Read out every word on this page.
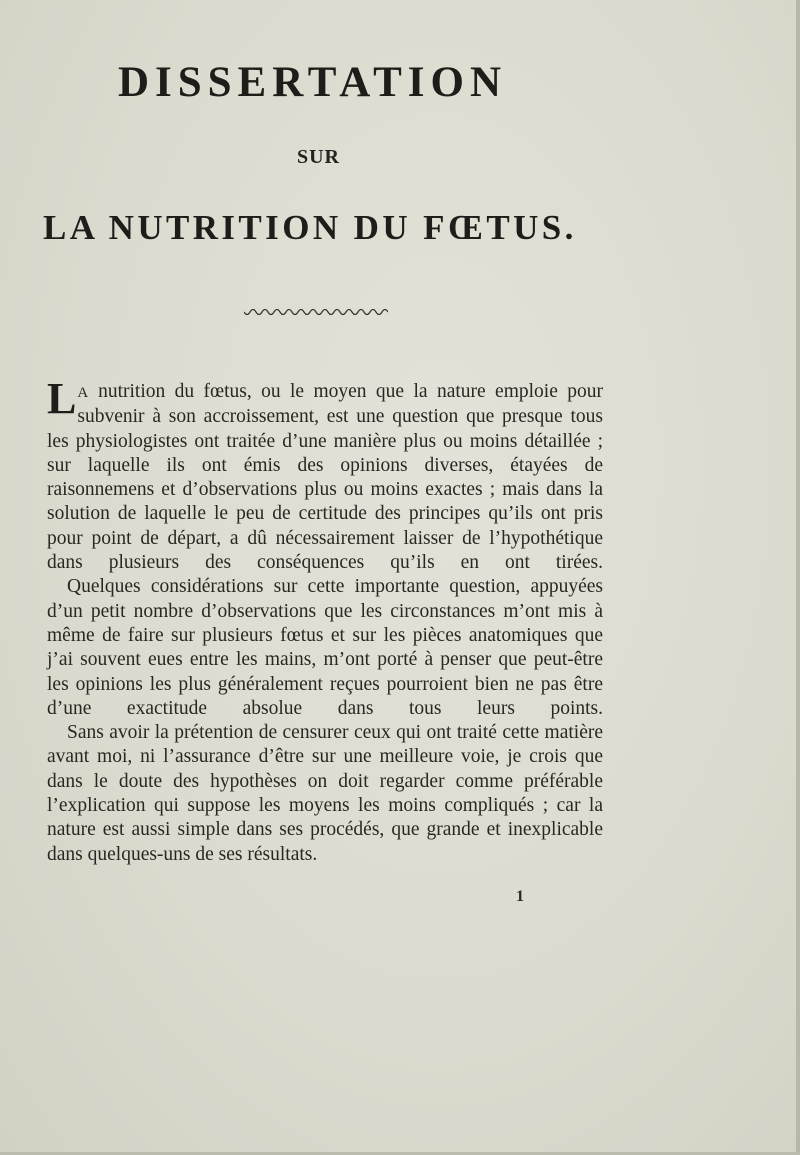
DISSERTATION
SUR
LA NUTRITION DU FŒTUS.

L A nutrition du fœtus, ou le moyen que la nature emploie pour subvenir à son accroissement, est une question que presque tous les physiologistes ont traitée d’une manière plus ou moins détaillée ; sur laquelle ils ont émis des opinions diverses, étayées de raisonnemens et d’observations plus ou moins exactes ; mais dans la solution de laquelle le peu de certitude des principes qu’ils ont pris pour point de départ, a dû nécessairement laisser de l’hypothétique dans plusieurs des conséquences qu’ils en ont tirées.

Quelques considérations sur cette importante question, appuyées d’un petit nombre d’observations que les circonstances m’ont mis à même de faire sur plusieurs fœtus et sur les pièces anatomiques que j’ai souvent eues entre les mains, m’ont porté à penser que peut-être les opinions les plus généralement reçues pourroient bien ne pas être d’une exactitude absolue dans tous leurs points.

Sans avoir la prétention de censurer ceux qui ont traité cette matière avant moi, ni l’assurance d’être sur une meilleure voie, je crois que dans le doute des hypothèses on doit regarder comme préférable l’explication qui suppose les moyens les moins compliqués ; car la nature est aussi simple dans ses procédés, que grande et inexplicable dans quelques-uns de ses résultats.

1
